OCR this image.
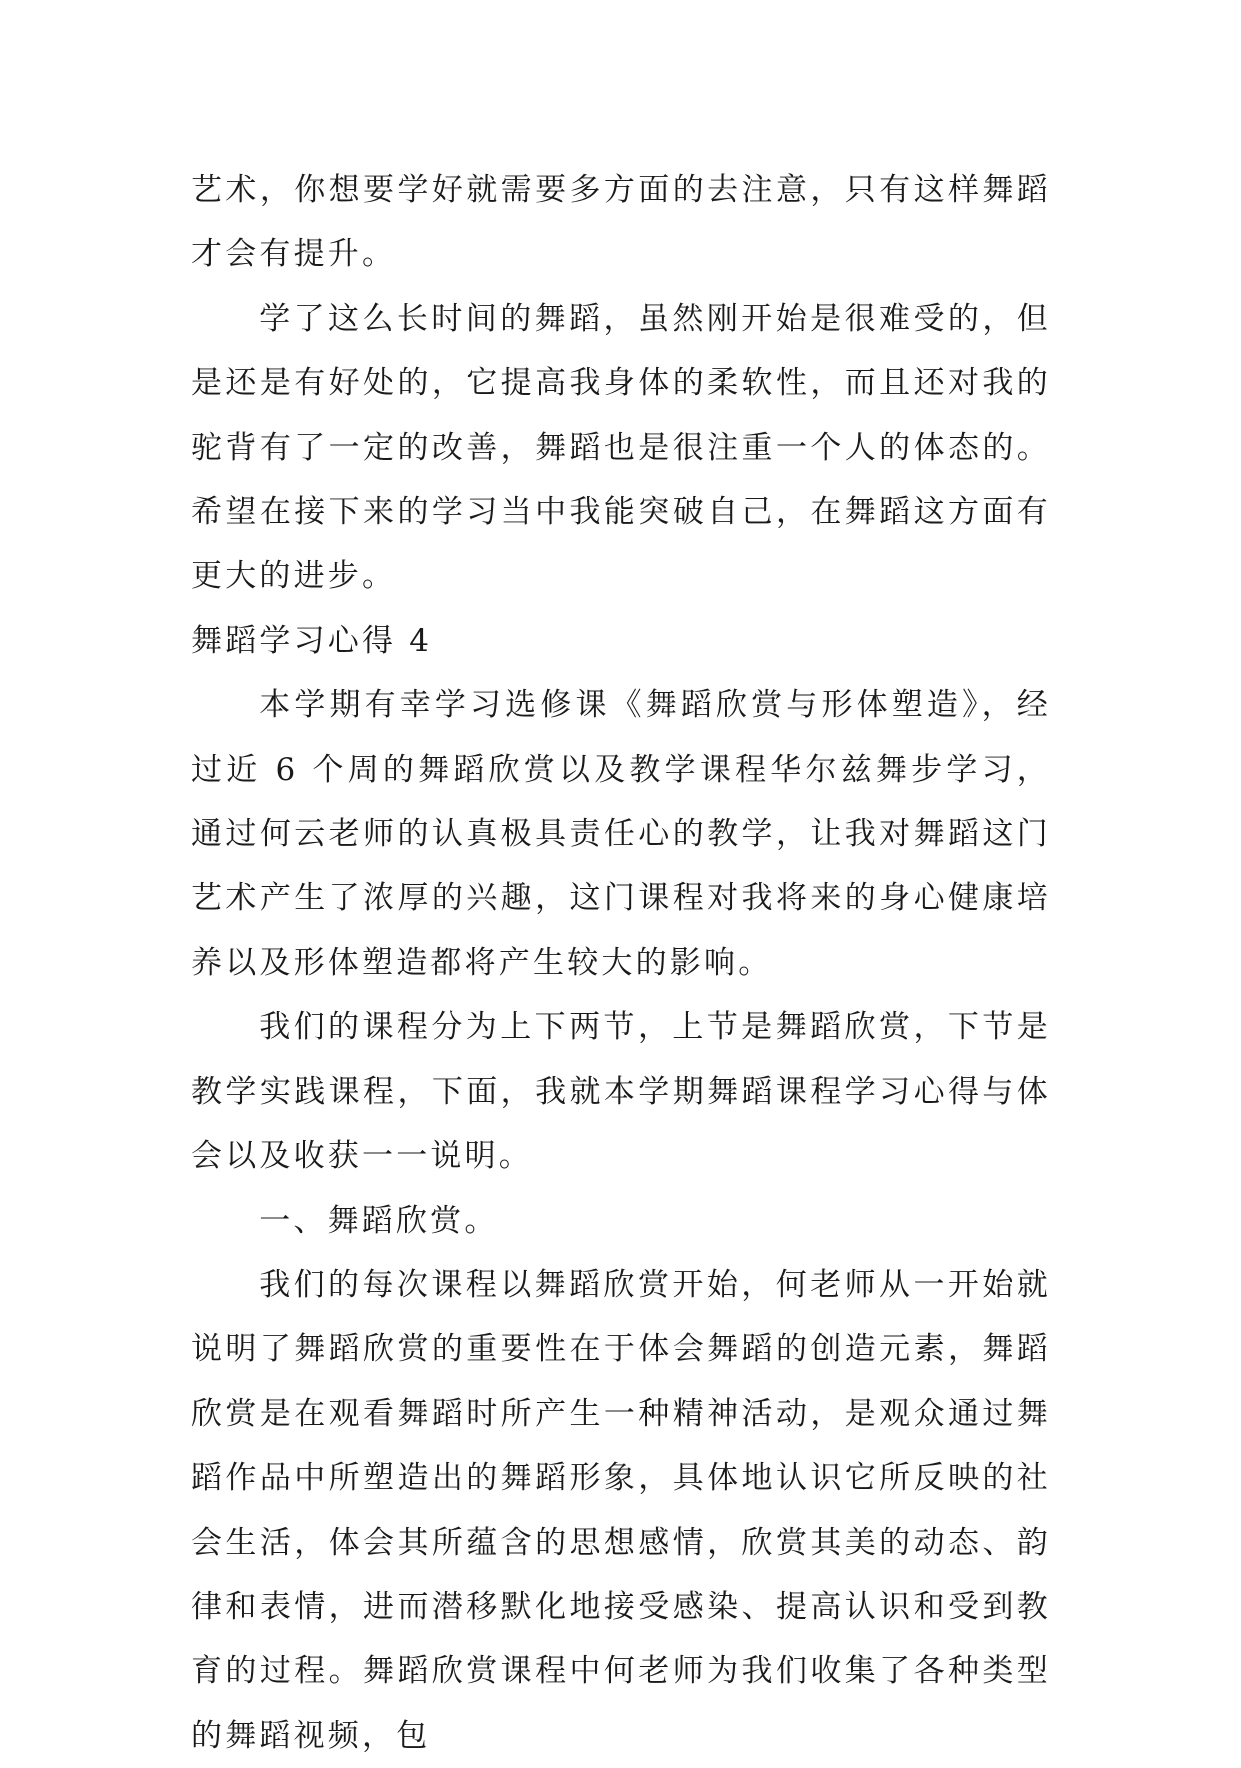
艺术，你想要学好就需要多方面的去注意，只有这样舞蹈才会有提升。

学了这么长时间的舞蹈，虽然刚开始是很难受的，但是还是有好处的，它提高我身体的柔软性，而且还对我的驼背有了一定的改善，舞蹈也是很注重一个人的体态的。希望在接下来的学习当中我能突破自己，在舞蹈这方面有更大的进步。

舞蹈学习心得 4

本学期有幸学习选修课《舞蹈欣赏与形体塑造》，经过近 6 个周的舞蹈欣赏以及教学课程华尔兹舞步学习，通过何云老师的认真极具责任心的教学，让我对舞蹈这门艺术产生了浓厚的兴趣，这门课程对我将来的身心健康培养以及形体塑造都将产生较大的影响。

我们的课程分为上下两节，上节是舞蹈欣赏，下节是教学实践课程，下面，我就本学期舞蹈课程学习心得与体会以及收获一一说明。

一、舞蹈欣赏。

我们的每次课程以舞蹈欣赏开始，何老师从一开始就说明了舞蹈欣赏的重要性在于体会舞蹈的创造元素，舞蹈欣赏是在观看舞蹈时所产生一种精神活动，是观众通过舞蹈作品中所塑造出的舞蹈形象，具体地认识它所反映的社会生活，体会其所蕴含的思想感情，欣赏其美的动态、韵律和表情，进而潜移默化地接受感染、提高认识和受到教育的过程。舞蹈欣赏课程中何老师为我们收集了各种类型的舞蹈视频，包
